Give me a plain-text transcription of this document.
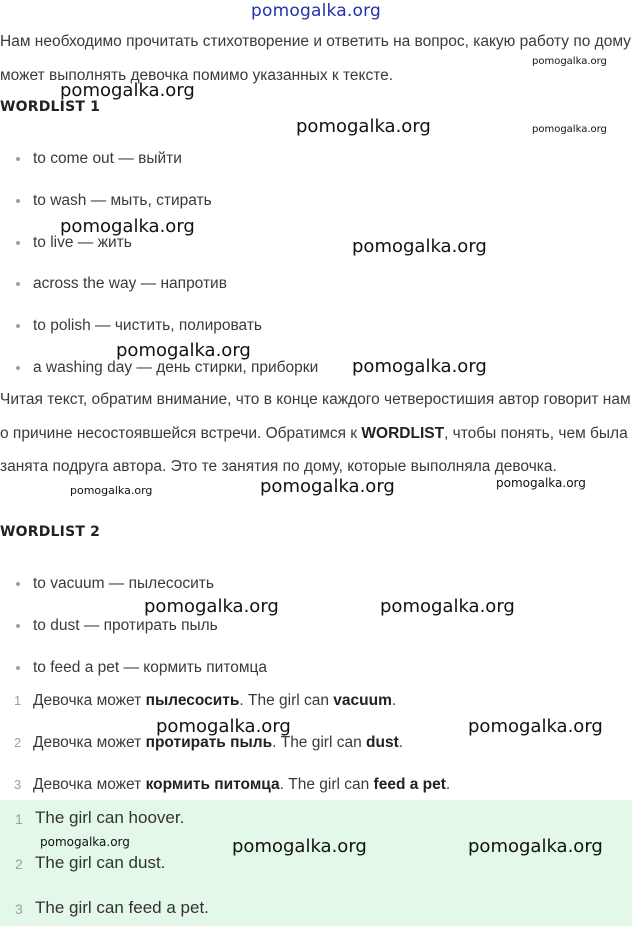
pomogalka.org

Нам необходимо прочитать стихотворение и ответить на вопрос, какую работу по дому может выполнять девочка помимо указанных к тексте.

WORDLIST 1
to come out — выйти
to wash — мыть, стирать
to live — жить
across the way — напротив
to polish — чистить, полировать
a washing day — день стирки, приборки

Читая текст, обратим внимание, что в конце каждого четверостишия автор говорит нам о причине несостоявшейся встречи. Обратимся к WORDLIST, чтобы понять, чем была занята подруга автора. Это те занятия по дому, которые выполняла девочка.

WORDLIST 2
to vacuum — пылесосить
to dust — протирать пыль
to feed a pet — кормить питомца
1 Девочка может пылесосить. The girl can vacuum.
2 Девочка может протирать пыль. The girl can dust.
3 Девочка может кормить питомца. The girl can feed a pet.
1 The girl can hoover.
2 The girl can dust.
3 The girl can feed a pet.
pomogalka.org
pomogalka.org
pomogalka.org	pomogalka.org
pomogalka.org
pomogalka.org
pomogalka.org
pomogalka.org
pomogalka.org	pomogalka.org
pomogalka.org
pomogalka.org	pomogalka.org
pomogalka.org	pomogalka.org
pomogalka.org	pomogalka.org	pomogalka.org
